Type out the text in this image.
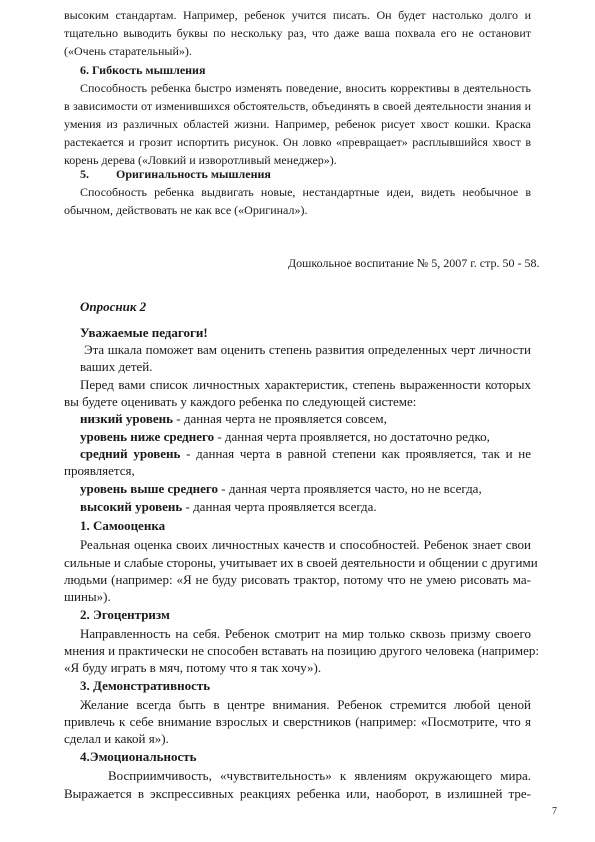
высоким стандартам. Например, ребенок учится писать. Он будет настолько долго и
тщательно выводить буквы по нескольку раз, что даже ваша похвала его не остановит
(«Очень старательный»).
6. Гибкость мышления
Способность ребенка быстро изменять поведение, вносить коррективы в деятельность
в зависимости от изменившихся обстоятельств, объединять в своей деятельности знания и
умения из различных областей жизни. Например, ребенок рисует хвост кошки. Краска
растекается и грозит испортить рисунок. Он ловко «превращает» расплывшийся хвост в
корень дерева («Ловкий и изворотливый менеджер»).
5. Оригинальность мышления
Способность ребенка выдвигать новые, нестандартные идеи, видеть необычное в
обычном, действовать не как все («Оригинал»).
Дошкольное воспитание № 5, 2007 г. стр. 50 - 58.
Опросник 2
Уважаемые педагоги!
Эта шкала поможет вам оценить степень развития определенных черт личности
ваших детей.
Перед вами список личностных характеристик, степень выраженности которых
вы будете оценивать у каждого ребенка по следующей системе:
низкий уровень - данная черта не проявляется совсем,
уровень ниже среднего - данная черта проявляется, но достаточно редко,
средний уровень - данная черта в равной степени как проявляется, так и не
проявляется,
уровень выше среднего - данная черта проявляется часто, но не всегда,
высокий уровень - данная черта проявляется всегда.
1. Самооценка
Реальная оценка своих личностных качеств и способностей. Ребенок знает свои
сильные и слабые стороны, учитывает их в своей деятельности и общении с другими
людьми (например: «Я не буду рисовать трактор, потому что не умею рисовать ма-
шины»).
2. Эгоцентризм
Направленность на себя. Ребенок смотрит на мир только сквозь призму своего
мнения и практически не способен вставать на позицию другого человека (например:
«Я буду играть в мяч, потому что я так хочу»).
3. Демонстративность
Желание всегда быть в центре внимания. Ребенок стремится любой ценой
привлечь к себе внимание взрослых и сверстников (например: «Посмотрите, что я
сделал и какой я»).
4.Эмоциональность
Восприимчивость, «чувствительность» к явлениям окружающего мира.
Выражается в экспрессивных реакциях ребенка или, наоборот, в излишней тре-
7
